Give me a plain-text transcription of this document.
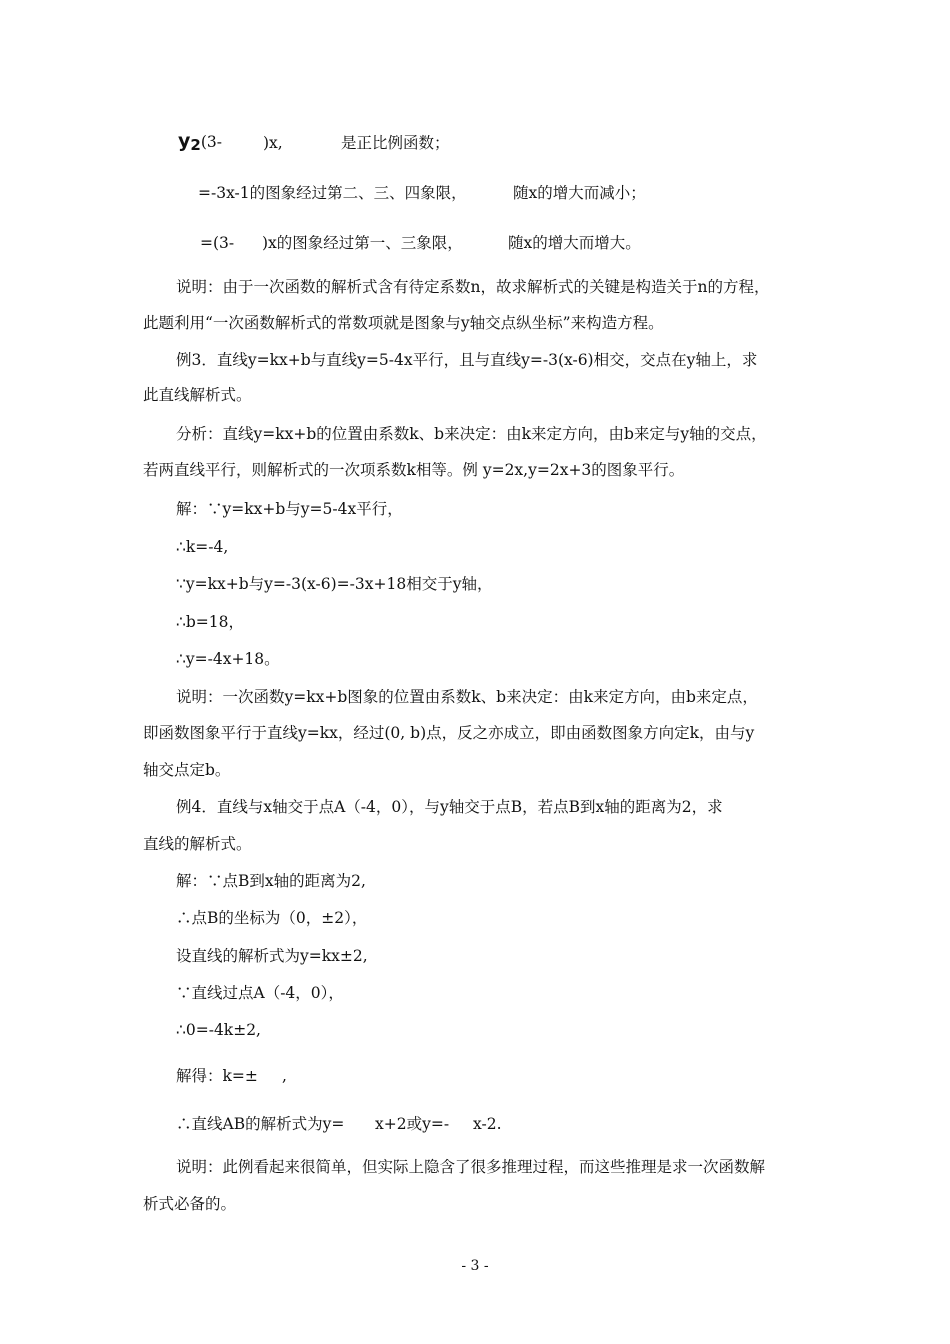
$y_2(3-$	)x,	是正比例函数；
=-3x-1的图象经过第二、三、四象限，	随x的增大而减小；
=(3- )x的图象经过第一、三象限，	随x的增大而增大。
说明：由于一次函数的解析式含有待定系数n，故求解析式的关键是构造关于n的方程，
此题利用“一次函数解析式的常数项就是图象与y轴交点纵坐标”来构造方程。
例3．直线y=kx+b与直线y=5-4x平行，且与直线y=-3(x-6)相交，交点在y轴上，求
此直线解析式。
分析：直线y=kx+b的位置由系数k、b来决定：由k来定方向，由b来定与y轴的交点，
若两直线平行，则解析式的一次项系数k相等。例 y=2x,y=2x+3的图象平行。
解：∵y=kx+b与y=5-4x平行，
∴k=-4,
∵y=kx+b与y=-3(x-6)=-3x+18相交于y轴，
∴b=18，
∴y=-4x+18。
说明：一次函数y=kx+b图象的位置由系数k、b来决定：由k来定方向，由b来定点，
即函数图象平行于直线y=kx，经过(0, b)点，反之亦成立，即由函数图象方向定k，由与y
轴交点定b。
例4．直线与x轴交于点A（-4，0），与y轴交于点B，若点B到x轴的距离为2，求
直线的解析式。
解：∵点B到x轴的距离为2,
∴点B的坐标为（0，±2），
设直线的解析式为y=kx±2,
∵直线过点A（-4，0），
∴0=-4k±2,
解得：k=± ,
∴直线AB的解析式为y= x+2或y=- x-2.
说明：此例看起来很简单，但实际上隐含了很多推理过程，而这些推理是求一次函数解
析式必备的。
- 3 -
